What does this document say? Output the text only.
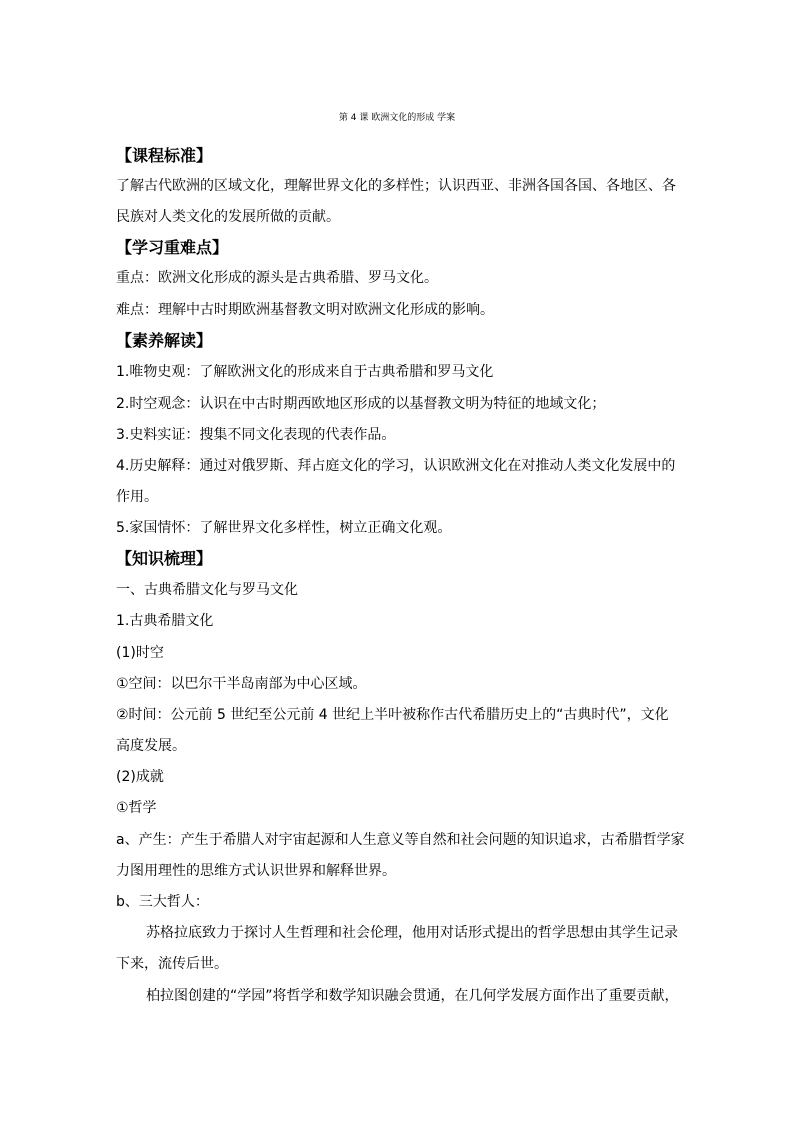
第 4 课 欧洲文化的形成 学案
【课程标准】
了解古代欧洲的区域文化，理解世界文化的多样性；认识西亚、非洲各国各国、各地区、各
民族对人类文化的发展所做的贡献。
【学习重难点】
重点：欧洲文化形成的源头是古典希腊、罗马文化。
难点：理解中古时期欧洲基督教文明对欧洲文化形成的影响。
【素养解读】
1.唯物史观：了解欧洲文化的形成来自于古典希腊和罗马文化
2.时空观念：认识在中古时期西欧地区形成的以基督教文明为特征的地域文化；
3.史料实证：搜集不同文化表现的代表作品。
4.历史解释：通过对俄罗斯、拜占庭文化的学习，认识欧洲文化在对推动人类文化发展中的
作用。
5.家国情怀：了解世界文化多样性，树立正确文化观。
【知识梳理】
一、古典希腊文化与罗马文化
1.古典希腊文化
(1)时空
①空间：以巴尔干半岛南部为中心区域。
②时间：公元前 5 世纪至公元前 4 世纪上半叶被称作古代希腊历史上的“古典时代”，文化
高度发展。
(2)成就
①哲学
a、产生：产生于希腊人对宇宙起源和人生意义等自然和社会问题的知识追求，古希腊哲学家
力图用理性的思维方式认识世界和解释世界。
b、三大哲人：
苏格拉底致力于探讨人生哲理和社会伦理，他用对话形式提出的哲学思想由其学生记录
下来，流传后世。
柏拉图创建的“学园”将哲学和数学知识融会贯通，在几何学发展方面作出了重要贡献，
